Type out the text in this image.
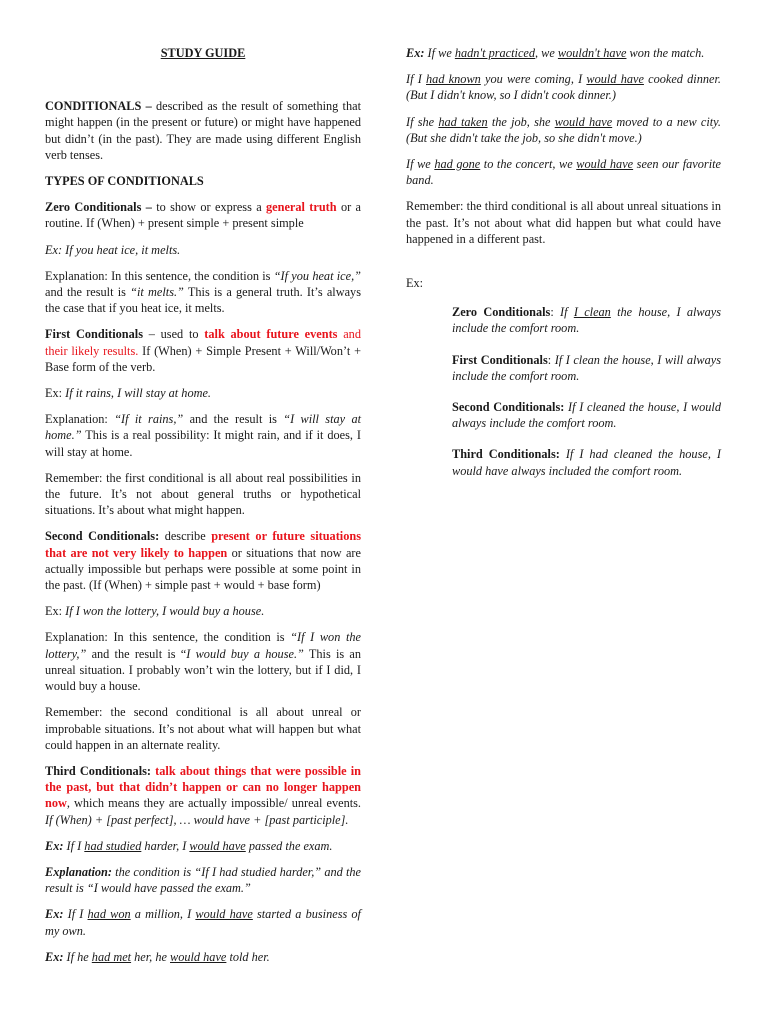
STUDY GUIDE

CONDITIONALS – described as the result of something that might happen (in the present or future) or might have happened but didn’t (in the past). They are made using different English verb tenses.

TYPES OF CONDITIONALS

Zero Conditionals – to show or express a general truth or a routine. If (When) + present simple + present simple

Ex: If you heat ice, it melts.

Explanation: In this sentence, the condition is “If you heat ice,” and the result is “it melts.” This is a general truth. It’s always the case that if you heat ice, it melts.

First Conditionals – used to talk about future events and their likely results. If (When) + Simple Present + Will/Won’t + Base form of the verb.

Ex: If it rains, I will stay at home.

Explanation: “If it rains,” and the result is “I will stay at home.” This is a real possibility: It might rain, and if it does, I will stay at home.

Remember: the first conditional is all about real possibilities in the future. It’s not about general truths or hypothetical situations. It’s about what might happen.

Second Conditionals: describe present or future situations that are not very likely to happen or situations that now are actually impossible but perhaps were possible at some point in the past. (If (When) + simple past + would + base form)

Ex: If I won the lottery, I would buy a house.

Explanation: In this sentence, the condition is “If I won the lottery,” and the result is “I would buy a house.” This is an unreal situation. I probably won’t win the lottery, but if I did, I would buy a house.

Remember: the second conditional is all about unreal or improbable situations. It’s not about what will happen but what could happen in an alternate reality.

Third Conditionals: talk about things that were possible in the past, but that didn’t happen or can no longer happen now, which means they are actually impossible/ unreal events. If (When) + [past perfect], … would have + [past participle].

Ex: If I had studied harder, I would have passed the exam.

Explanation: the condition is “If I had studied harder,” and the result is “I would have passed the exam.”

Ex: If I had won a million, I would have started a business of my own.

Ex: If he had met her, he would have told her.

Ex: If we hadn't practiced, we wouldn't have won the match.

If I had known you were coming, I would have cooked dinner. (But I didn't know, so I didn't cook dinner.)

If she had taken the job, she would have moved to a new city. (But she didn't take the job, so she didn't move.)

If we had gone to the concert, we would have seen our favorite band.

Remember: the third conditional is all about unreal situations in the past. It’s not about what did happen but what could have happened in a different past.

Ex:

Zero Conditionals: If I clean the house, I always include the comfort room.

First Conditionals: If I clean the house, I will always include the comfort room.

Second Conditionals: If I cleaned the house, I would always include the comfort room.

Third Conditionals: If I had cleaned the house, I would have always included the comfort room.
